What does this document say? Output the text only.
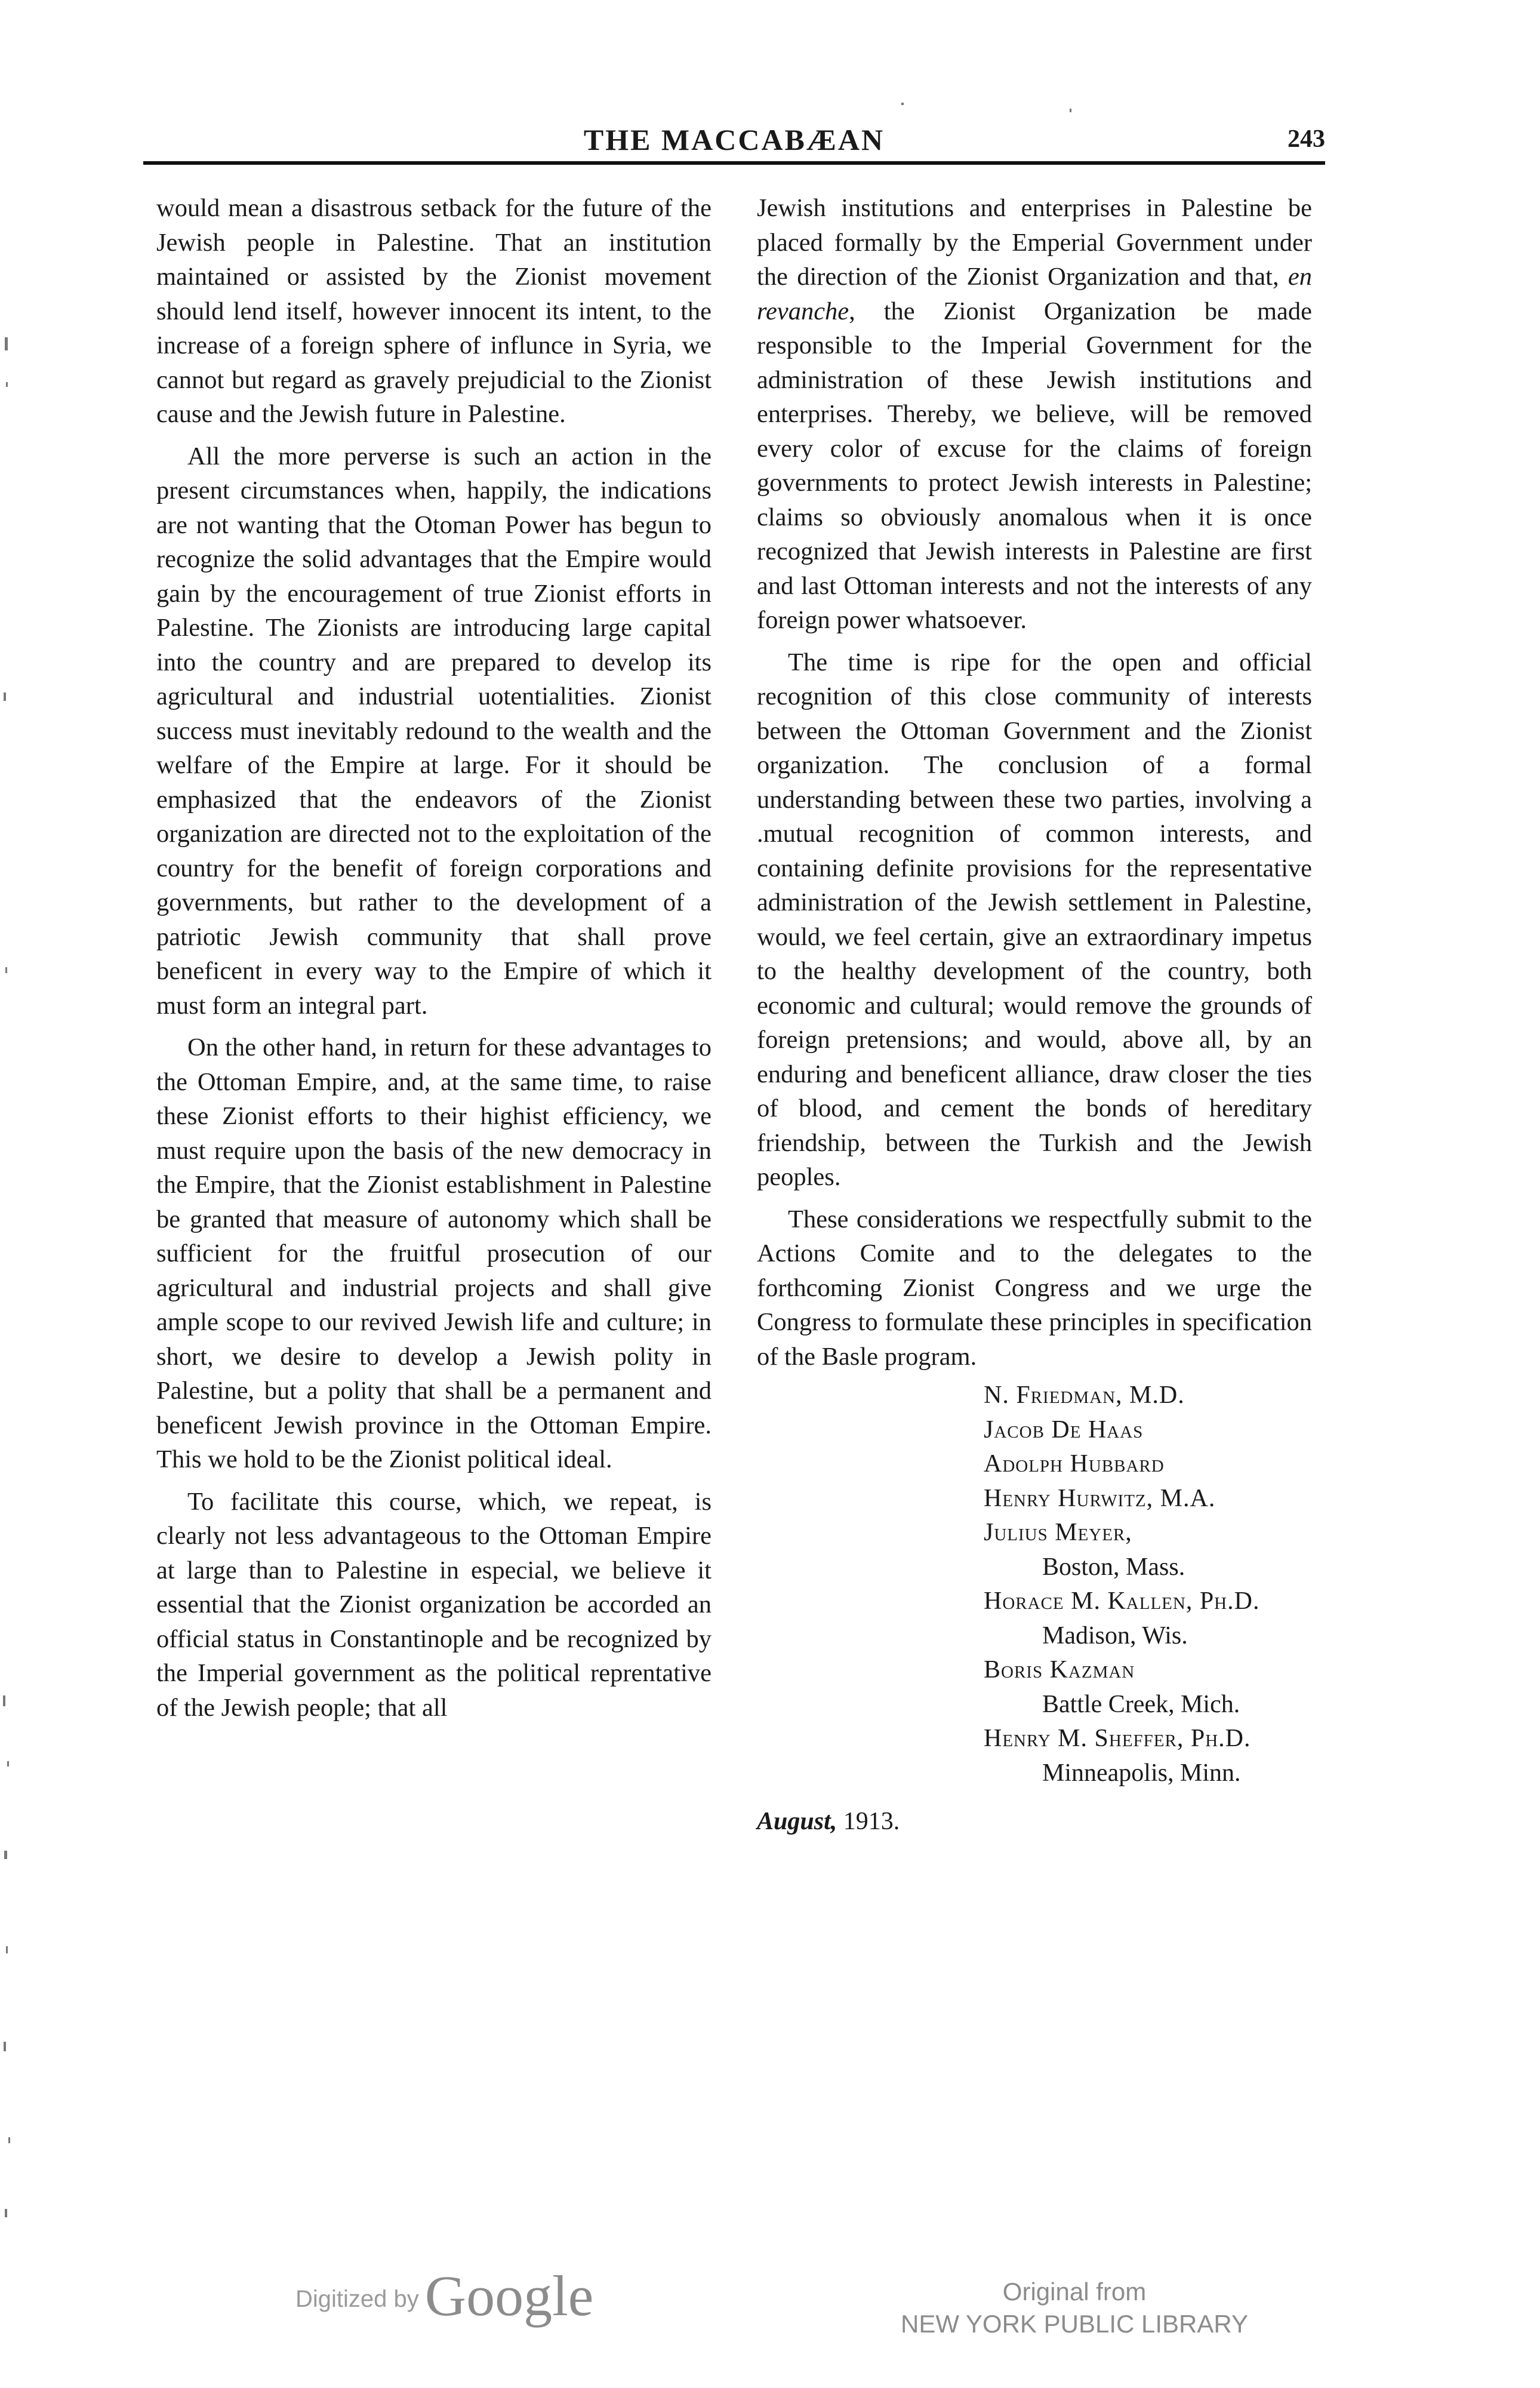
THE MACCABÆAN	243

would mean a disastrous setback for the future of the Jewish people in Palestine. That an institution maintained or assisted by the Zionist movement should lend itself, however innocent its intent, to the increase of a foreign sphere of influnce in Syria, we cannot but regard as gravely prejudicial to the Zionist cause and the Jewish future in Palestine.

All the more perverse is such an action in the present circumstances when, happily, the indications are not wanting that the Otoman Power has begun to recognize the solid advantages that the Empire would gain by the encouragement of true Zionist efforts in Palestine. The Zionists are introducing large capital into the country and are prepared to develop its agricultural and industrial uotentialities. Zionist success must inevitably redound to the wealth and the welfare of the Empire at large. For it should be emphasized that the endeavors of the Zionist organization are directed not to the exploitation of the country for the benefit of foreign corporations and governments, but rather to the development of a patriotic Jewish community that shall prove beneficent in every way to the Empire of which it must form an integral part.

On the other hand, in return for these advantages to the Ottoman Empire, and, at the same time, to raise these Zionist efforts to their highist efficiency, we must require upon the basis of the new democracy in the Empire, that the Zionist establishment in Palestine be granted that measure of autonomy which shall be sufficient for the fruitful prosecution of our agricultural and industrial projects and shall give ample scope to our revived Jewish life and culture; in short, we desire to develop a Jewish polity in Palestine, but a polity that shall be a permanent and beneficent Jewish province in the Ottoman Empire. This we hold to be the Zionist political ideal.

To facilitate this course, which, we repeat, is clearly not less advantageous to the Ottoman Empire at large than to Palestine in especial, we believe it essential that the Zionist organization be accorded an official status in Constantinople and be recognized by the Imperial government as the political reprentative of the Jewish people; that all

Jewish institutions and enterprises in Palestine be placed formally by the Emperial Government under the direction of the Zionist Organization and that, en revanche, the Zionist Organization be made responsible to the Imperial Government for the administration of these Jewish institutions and enterprises. Thereby, we believe, will be removed every color of excuse for the claims of foreign governments to protect Jewish interests in Palestine; claims so obviously anomalous when it is once recognized that Jewish interests in Palestine are first and last Ottoman interests and not the interests of any foreign power whatsoever.

The time is ripe for the open and official recognition of this close community of interests between the Ottoman Government and the Zionist organization. The conclusion of a formal understanding between these two parties, involving a .mutual recognition of common interests, and containing definite provisions for the representative administration of the Jewish settlement in Palestine, would, we feel certain, give an extraordinary impetus to the healthy development of the country, both economic and cultural; would remove the grounds of foreign pretensions; and would, above all, by an enduring and beneficent alliance, draw closer the ties of blood, and cement the bonds of hereditary friendship, between the Turkish and the Jewish peoples.

These considerations we respectfully submit to the Actions Comite and to the delegates to the forthcoming Zionist Congress and we urge the Congress to formulate these principles in specification of the Basle program.

N. Friedman, M.D.
Jacob De Haas
Adolph Hubbard
Henry Hurwitz, M.A.
Julius Meyer,
Boston, Mass.
Horace M. Kallen, Ph.D.
Madison, Wis.
Boris Kazman
Battle Creek, Mich.
Henry M. Sheffer, Ph.D.
Minneapolis, Minn.
August, 1913.
Digitized by Google	Original from
NEW YORK PUBLIC LIBRARY
